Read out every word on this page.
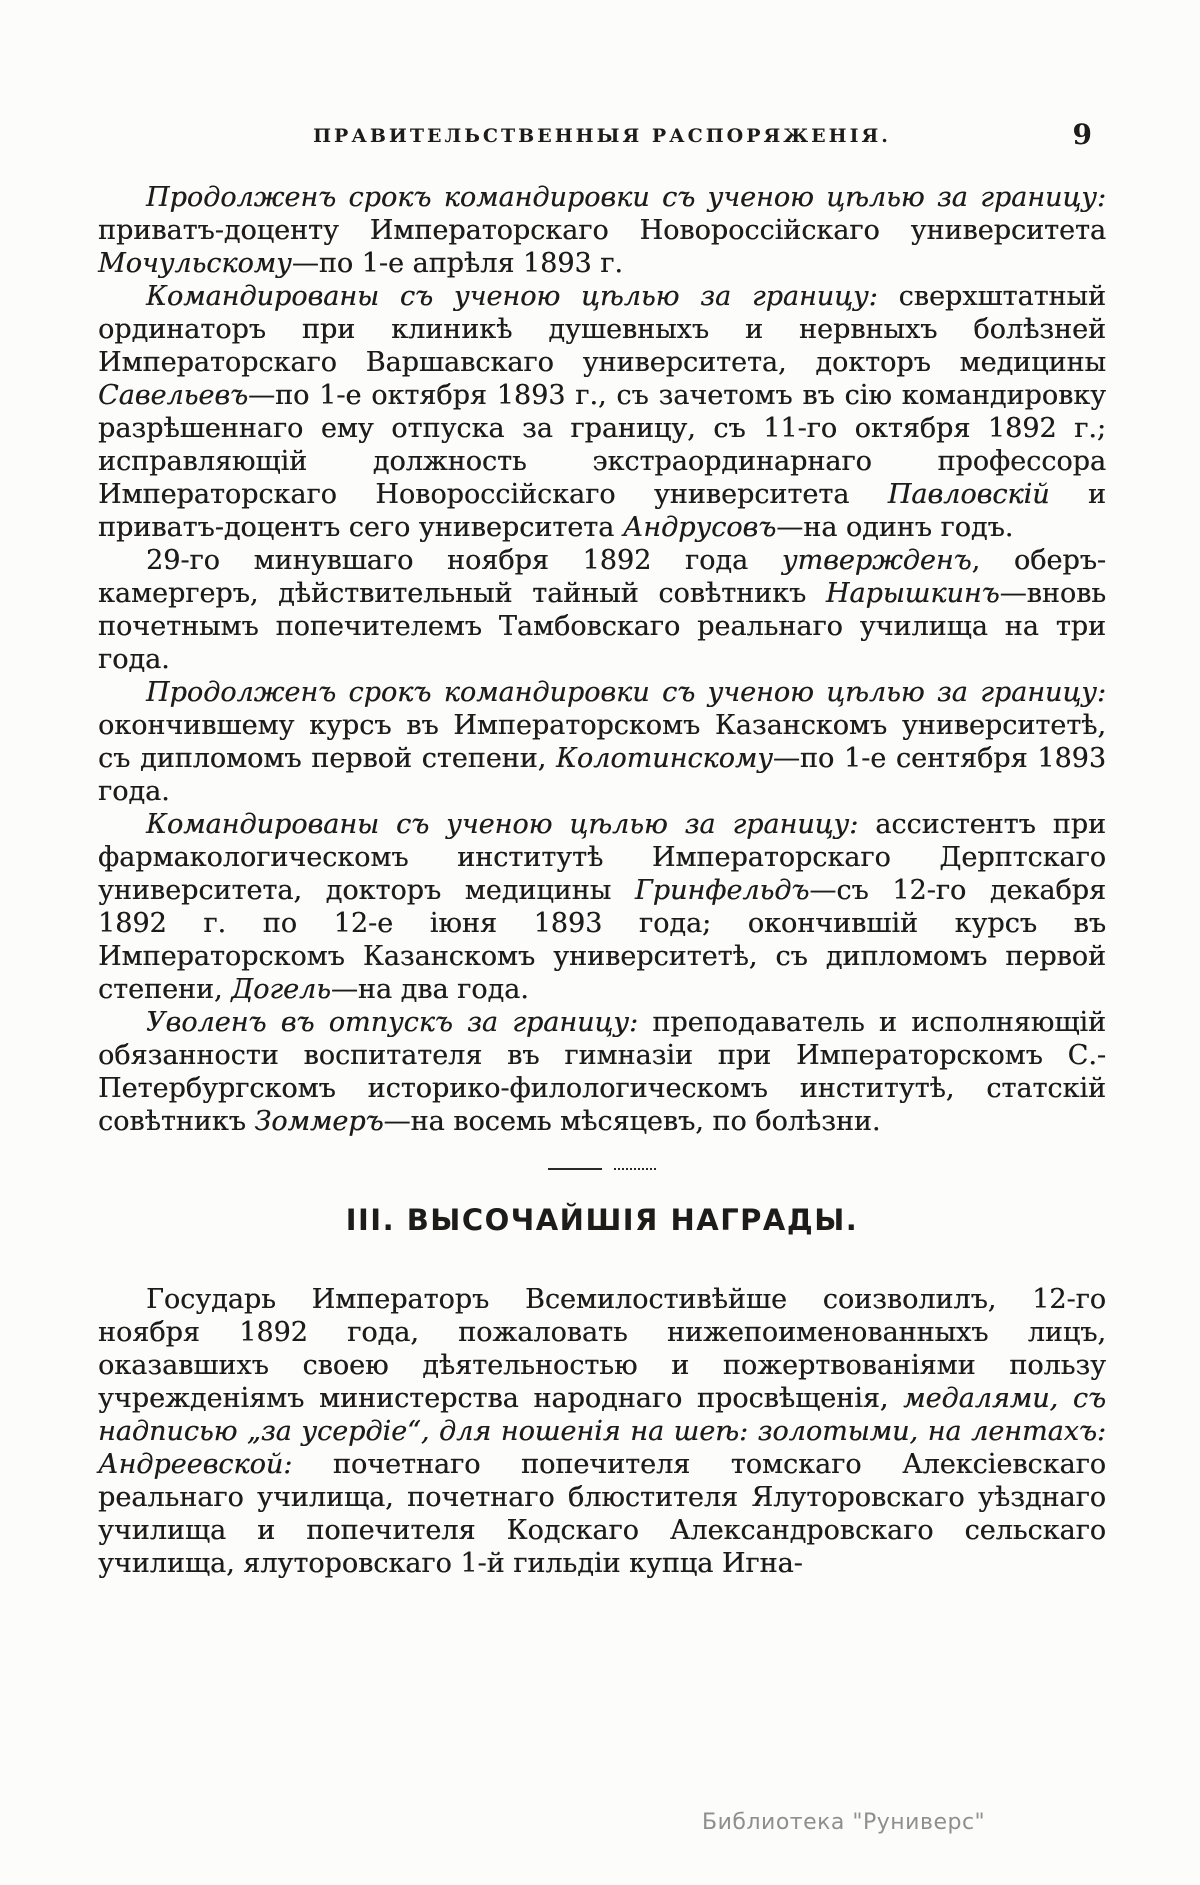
ПРАВИТЕЛЬСТВЕННЫЯ РАСПОРЯЖЕНІЯ.	9

Продолженъ срокъ командировки съ ученою цѣлью за границу: приватъ-доценту Императорскаго Новороссійскаго университета Мочульскому—по 1-е апрѣля 1893 г.

Командированы съ ученою цѣлью за границу: сверхштатный ординаторъ при клиникѣ душевныхъ и нервныхъ болѣзней Императорскаго Варшавскаго университета, докторъ медицины Савельевъ—по 1-е октября 1893 г., съ зачетомъ въ сію командировку разрѣшеннаго ему отпуска за границу, съ 11-го октября 1892 г.; исправляющій должность экстраординарнаго профессора Императорскаго Новороссійскаго университета Павловскій и приватъ-доцентъ сего университета Андрусовъ—на одинъ годъ.

29-го минувшаго ноября 1892 года утвержденъ, оберъ-камергеръ, дѣйствительный тайный совѣтникъ Нарышкинъ—вновь почетнымъ попечителемъ Тамбовскаго реальнаго училища на три года.

Продолженъ срокъ командировки съ ученою цѣлью за границу: окончившему курсъ въ Императорскомъ Казанскомъ университетѣ, съ дипломомъ первой степени, Колотинскому—по 1-е сентября 1893 года.

Командированы съ ученою цѣлью за границу: ассистентъ при фармакологическомъ институтѣ Императорскаго Дерптскаго университета, докторъ медицины Гринфельдъ—съ 12-го декабря 1892 г. по 12-е іюня 1893 года; окончившій курсъ въ Императорскомъ Казанскомъ университетѣ, съ дипломомъ первой степени, Догель—на два года.

Уволенъ въ отпускъ за границу: преподаватель и исполняющій обязанности воспитателя въ гимназіи при Императорскомъ С.-Петербургскомъ историко-филологическомъ институтѣ, статскій совѣтникъ Зоммеръ—на восемь мѣсяцевъ, по болѣзни.

III. ВЫСОЧАЙШІЯ НАГРАДЫ.

Государь Императоръ Всемилостивѣйше соизволилъ, 12-го ноября 1892 года, пожаловать нижепоименованныхъ лицъ, оказавшихъ своею дѣятельностью и пожертвованіями пользу учрежденіямъ министерства народнаго просвѣщенія, медалями, съ надписью „за усердіе“, для ношенія на шеѣ: золотыми, на лентахъ: Андреевской: почетнаго попечителя томскаго Алексіевскаго реальнаго училища, почетнаго блюстителя Ялуторовскаго уѣзднаго училища и попечителя Кодскаго Александровскаго сельскаго училища, ялуторовскаго 1-й гильдіи купца Игна-

Библиотека "Руниверс"
